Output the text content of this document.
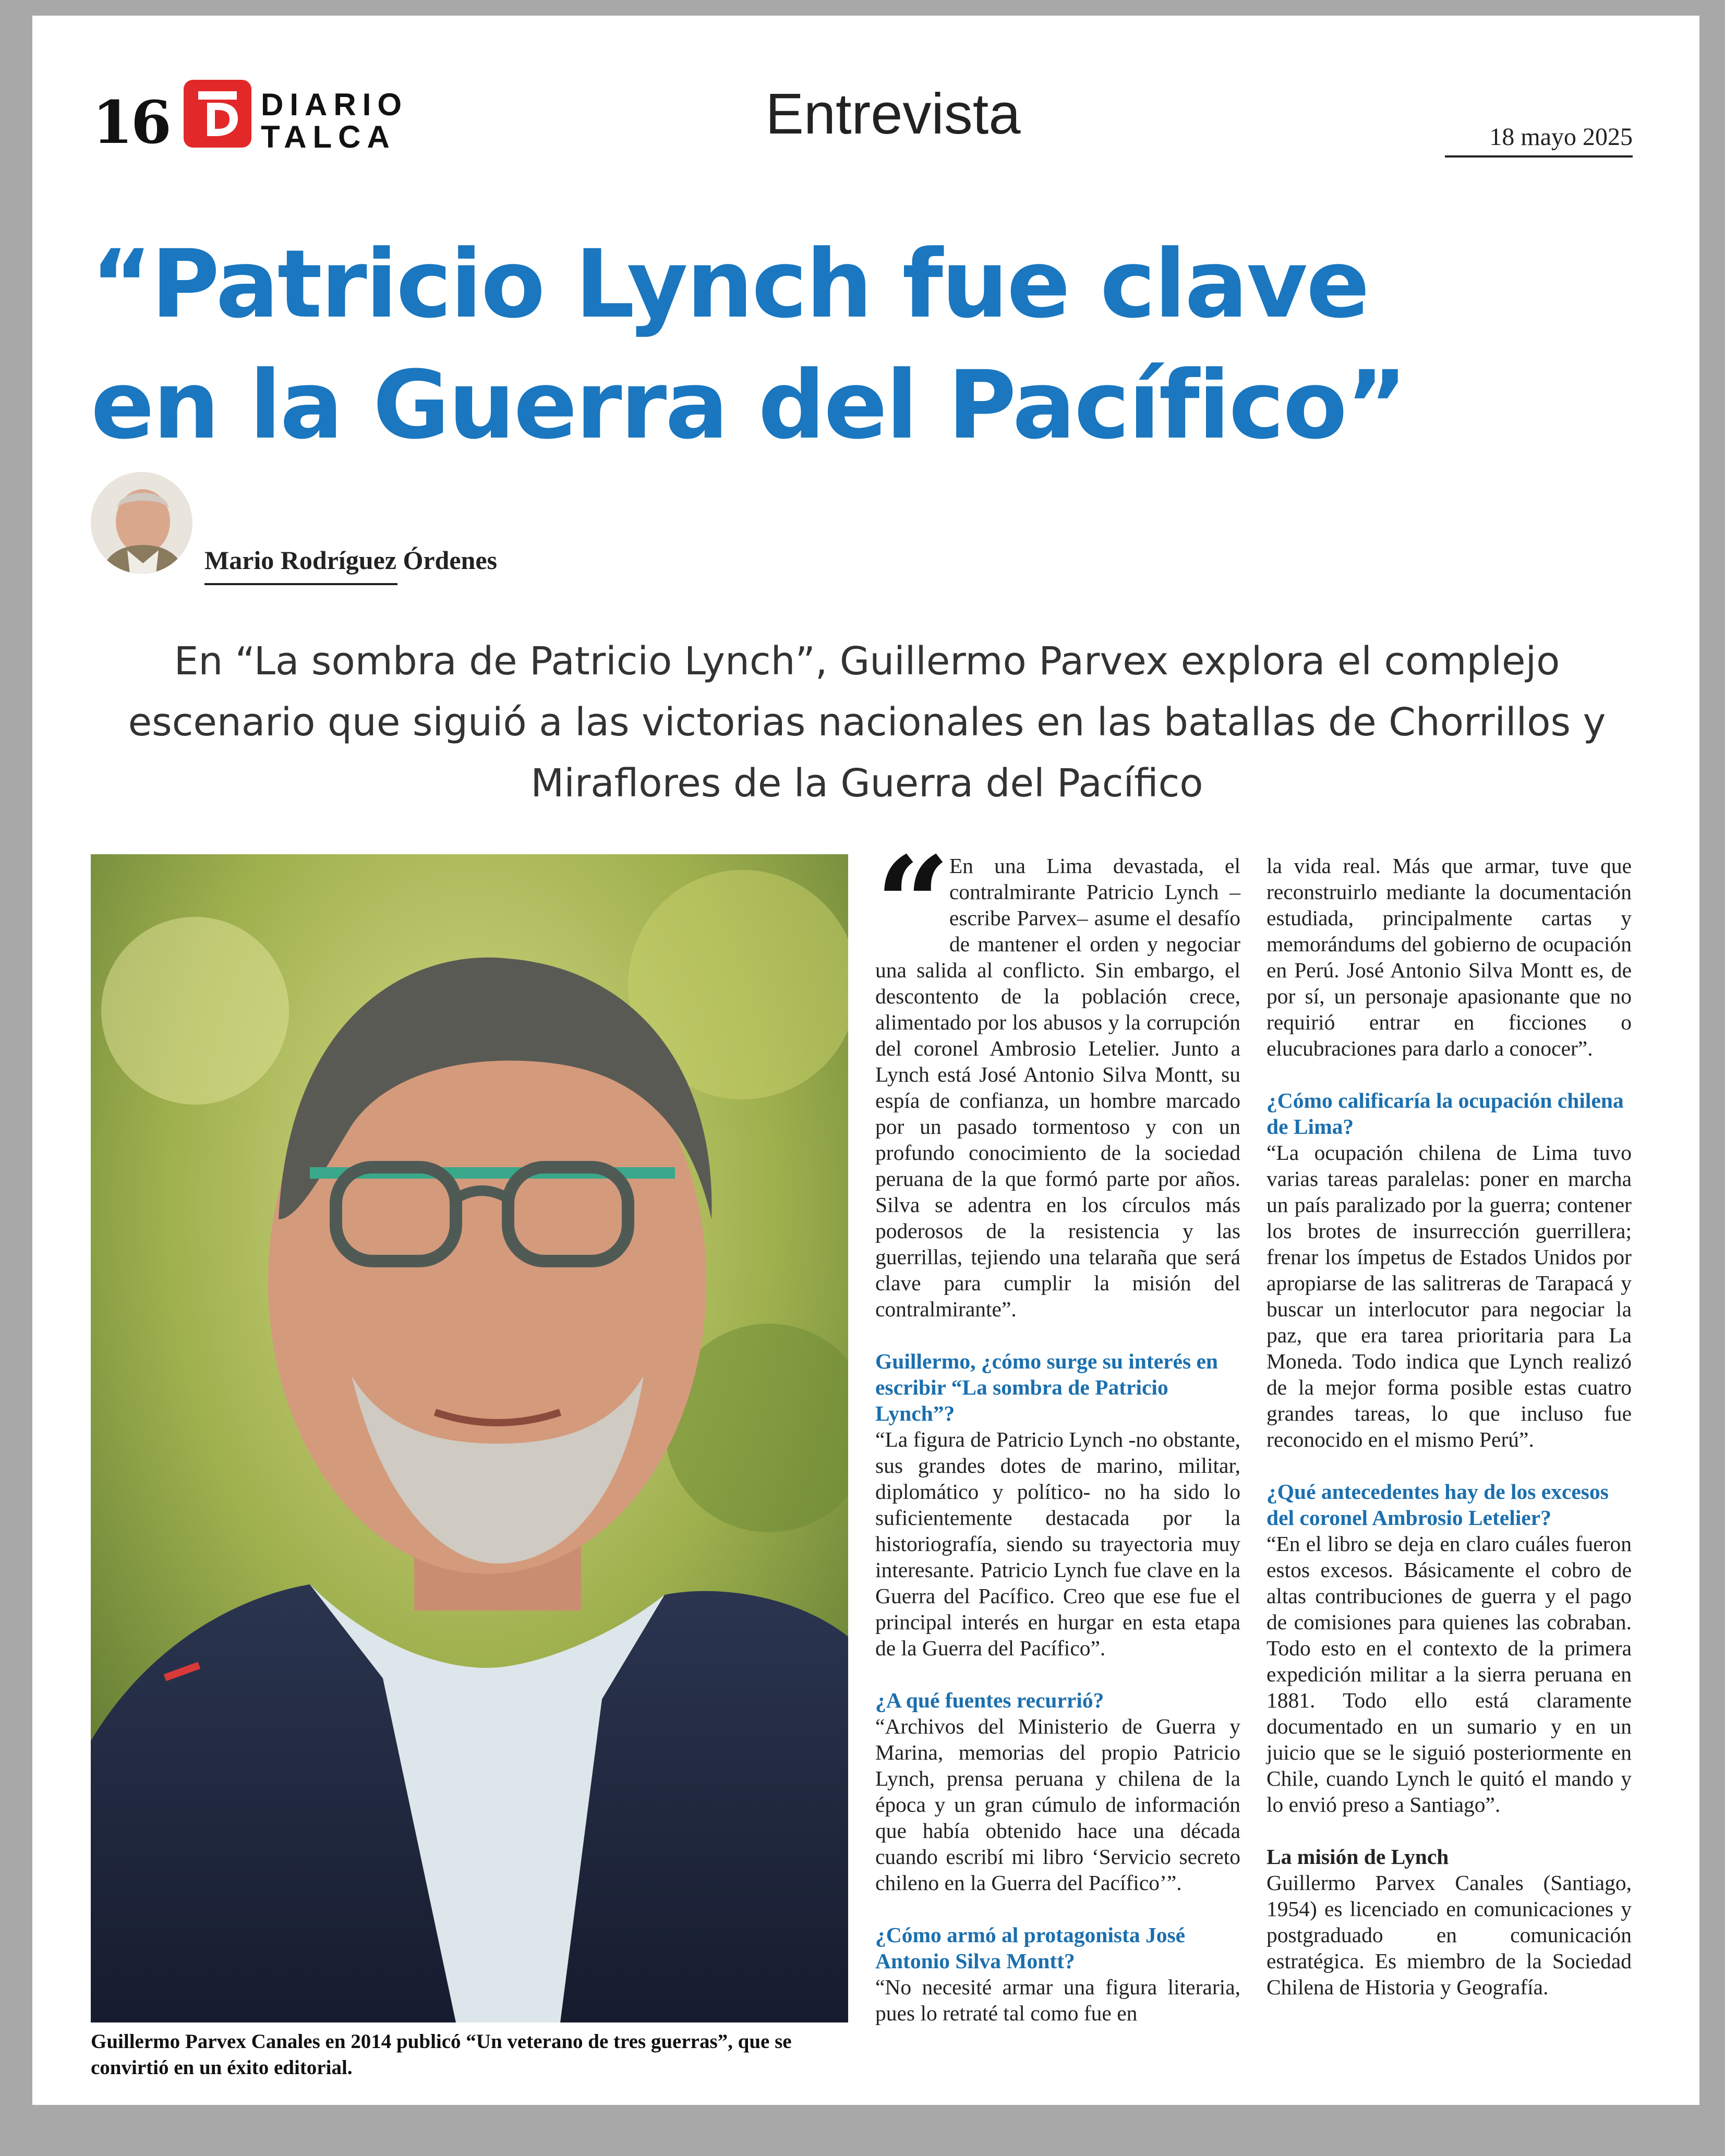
16	DIARIO
TALCA	Entrevista	18 mayo 2025
“Patricio Lynch fue clave
en la Guerra del Pacífico”
Mario Rodríguez Órdenes
En “La sombra de Patricio Lynch”, Guillermo Parvex explora el complejo escenario que siguió a las victorias nacionales en las batallas de Chorrillos y Miraflores de la Guerra del Pacífico
Guillermo Parvex Canales en 2014 publicó “Un veterano de tres guerras”, que se convirtió en un éxito editorial.

“ En una Lima devastada, el contralmirante Patricio Lynch –escribe Parvex– asume el desafío de mantener el orden y negociar una salida al conflicto. Sin embargo, el descontento de la población crece, alimentado por los abusos y la corrupción del coronel Ambrosio Letelier. Junto a Lynch está José Antonio Silva Montt, su espía de confianza, un hombre marcado por un pasado tormentoso y con un profundo conocimiento de la sociedad peruana de la que formó parte por años. Silva se adentra en los círculos más poderosos de la resistencia y las guerrillas, tejiendo una telaraña que será clave para cumplir la misión del contralmirante”.

Guillermo, ¿cómo surge su interés en escribir “La sombra de Patricio Lynch”?

“La figura de Patricio Lynch -no obstante, sus grandes dotes de marino, militar, diplomático y político- no ha sido lo suficientemente destacada por la historiografía, siendo su trayectoria muy interesante. Patricio Lynch fue clave en la Guerra del Pacífico. Creo que ese fue el principal interés en hurgar en esta etapa de la Guerra del Pacífico”.

¿A qué fuentes recurrió?

“Archivos del Ministerio de Guerra y Marina, memorias del propio Patricio Lynch, prensa peruana y chilena de la época y un gran cúmulo de información que había obtenido hace una década cuando escribí mi libro ‘Servicio secreto chileno en la Guerra del Pacífico’”.

¿Cómo armó al protagonista José Antonio Silva Montt?

“No necesité armar una figura literaria, pues lo retraté tal como fue en

la vida real. Más que armar, tuve que reconstruirlo mediante la documentación estudiada, principalmente cartas y memorándums del gobierno de ocupación en Perú. José Antonio Silva Montt es, de por sí, un personaje apasionante que no requirió entrar en ficciones o elucubraciones para darlo a conocer”.

¿Cómo calificaría la ocupación chilena de Lima?

“La ocupación chilena de Lima tuvo varias tareas paralelas: poner en marcha un país paralizado por la guerra; contener los brotes de insurrección guerrillera; frenar los ímpetus de Estados Unidos por apropiarse de las salitreras de Tarapacá y buscar un interlocutor para negociar la paz, que era tarea prioritaria para La Moneda. Todo indica que Lynch realizó de la mejor forma posible estas cuatro grandes tareas, lo que incluso fue reconocido en el mismo Perú”.

¿Qué antecedentes hay de los excesos del coronel Ambrosio Letelier?

“En el libro se deja en claro cuáles fueron estos excesos. Básicamente el cobro de altas contribuciones de guerra y el pago de comisiones para quienes las cobraban. Todo esto en el contexto de la primera expedición militar a la sierra peruana en 1881. Todo ello está claramente documentado en un sumario y en un juicio que se le siguió posteriormente en Chile, cuando Lynch le quitó el mando y lo envió preso a Santiago”.

La misión de Lynch

Guillermo Parvex Canales (Santiago, 1954) es licenciado en comunicaciones y postgraduado en comunicación estratégica. Es miembro de la Sociedad Chilena de Historia y Geografía.
